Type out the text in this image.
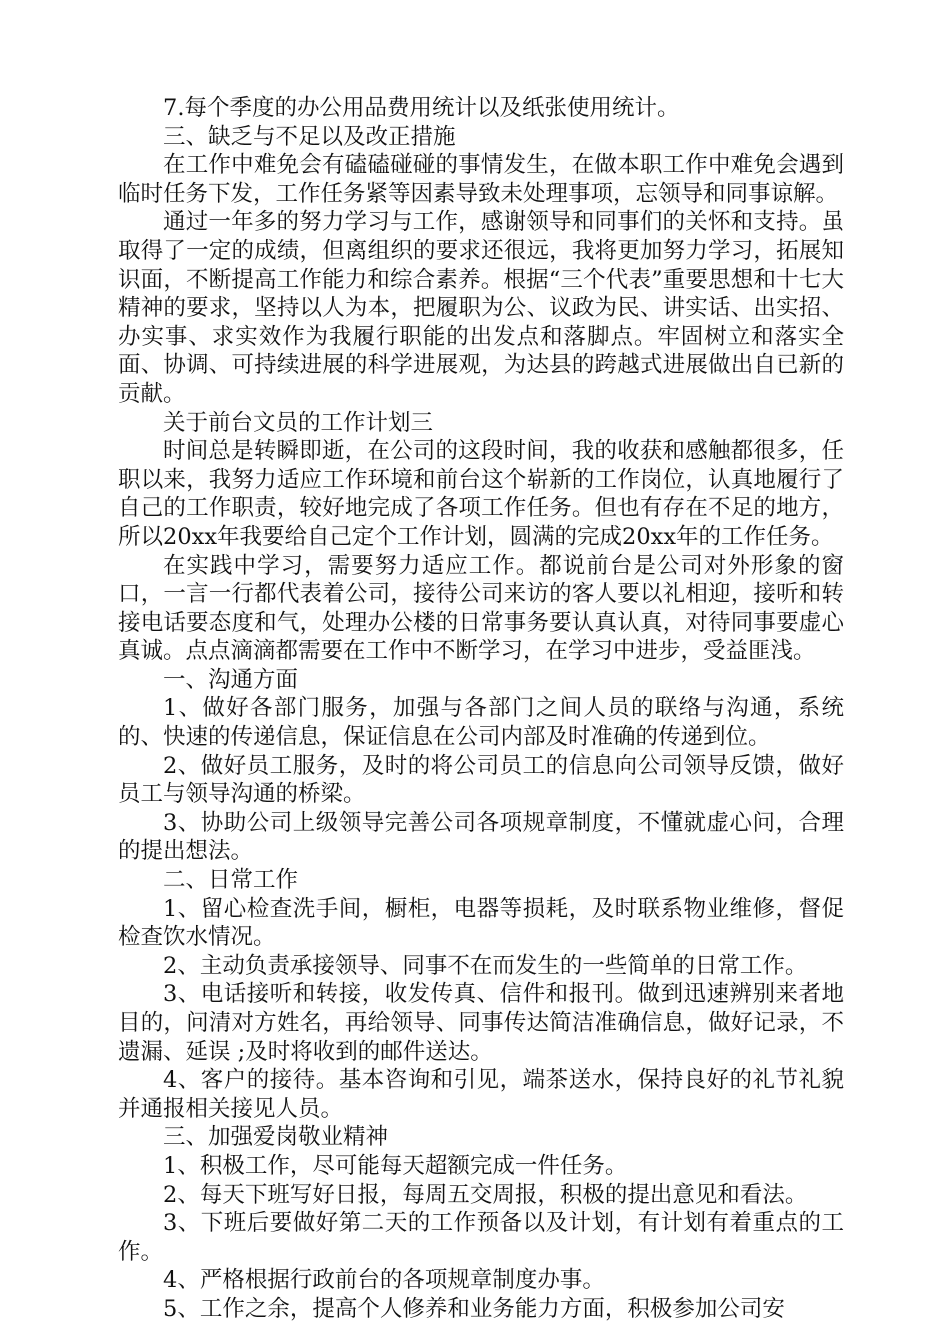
7.每个季度的办公用品费用统计以及纸张使用统计。

三、缺乏与不足以及改正措施

在工作中难免会有磕磕碰碰的事情发生，在做本职工作中难免会遇到临时任务下发，工作任务紧等因素导致未处理事项，忘领导和同事谅解。

通过一年多的努力学习与工作，感谢领导和同事们的关怀和支持。虽取得了一定的成绩，但离组织的要求还很远，我将更加努力学习，拓展知识面，不断提高工作能力和综合素养。根据“三个代表”重要思想和十七大精神的要求，坚持以人为本，把履职为公、议政为民、讲实话、出实招、办实事、求实效作为我履行职能的出发点和落脚点。牢固树立和落实全面、协调、可持续进展的科学进展观，为达县的跨越式进展做出自已新的贡献。

关于前台文员的工作计划三

时间总是转瞬即逝，在公司的这段时间，我的收获和感触都很多，任职以来，我努力适应工作环境和前台这个崭新的工作岗位，认真地履行了自己的工作职责，较好地完成了各项工作任务。但也有存在不足的地方，所以20xx年我要给自己定个工作计划，圆满的完成20xx年的工作任务。

在实践中学习，需要努力适应工作。都说前台是公司对外形象的窗口，一言一行都代表着公司，接待公司来访的客人要以礼相迎，接听和转接电话要态度和气，处理办公楼的日常事务要认真认真，对待同事要虚心真诚。点点滴滴都需要在工作中不断学习，在学习中进步，受益匪浅。

一、沟通方面

1、做好各部门服务，加强与各部门之间人员的联络与沟通，系统的、快速的传递信息，保证信息在公司内部及时准确的传递到位。

2、做好员工服务，及时的将公司员工的信息向公司领导反馈，做好员工与领导沟通的桥梁。

3、协助公司上级领导完善公司各项规章制度，不懂就虚心问，合理的提出想法。

二、日常工作

1、留心检查洗手间，橱柜，电器等损耗，及时联系物业维修，督促检查饮水情况。

2、主动负责承接领导、同事不在而发生的一些简单的日常工作。

3、电话接听和转接，收发传真、信件和报刊。做到迅速辨别来者地目的，问清对方姓名，再给领导、同事传达简洁准确信息，做好记录，不遗漏、延误 ;及时将收到的邮件送达。

4、客户的接待。基本咨询和引见，端茶送水，保持良好的礼节礼貌并通报相关接见人员。

三、加强爱岗敬业精神

1、积极工作，尽可能每天超额完成一件任务。

2、每天下班写好日报，每周五交周报，积极的提出意见和看法。

3、下班后要做好第二天的工作预备以及计划，有计划有着重点的工作。

4、严格根据行政前台的各项规章制度办事。

5、工作之余，提高个人修养和业务能力方面，积极参加公司安
